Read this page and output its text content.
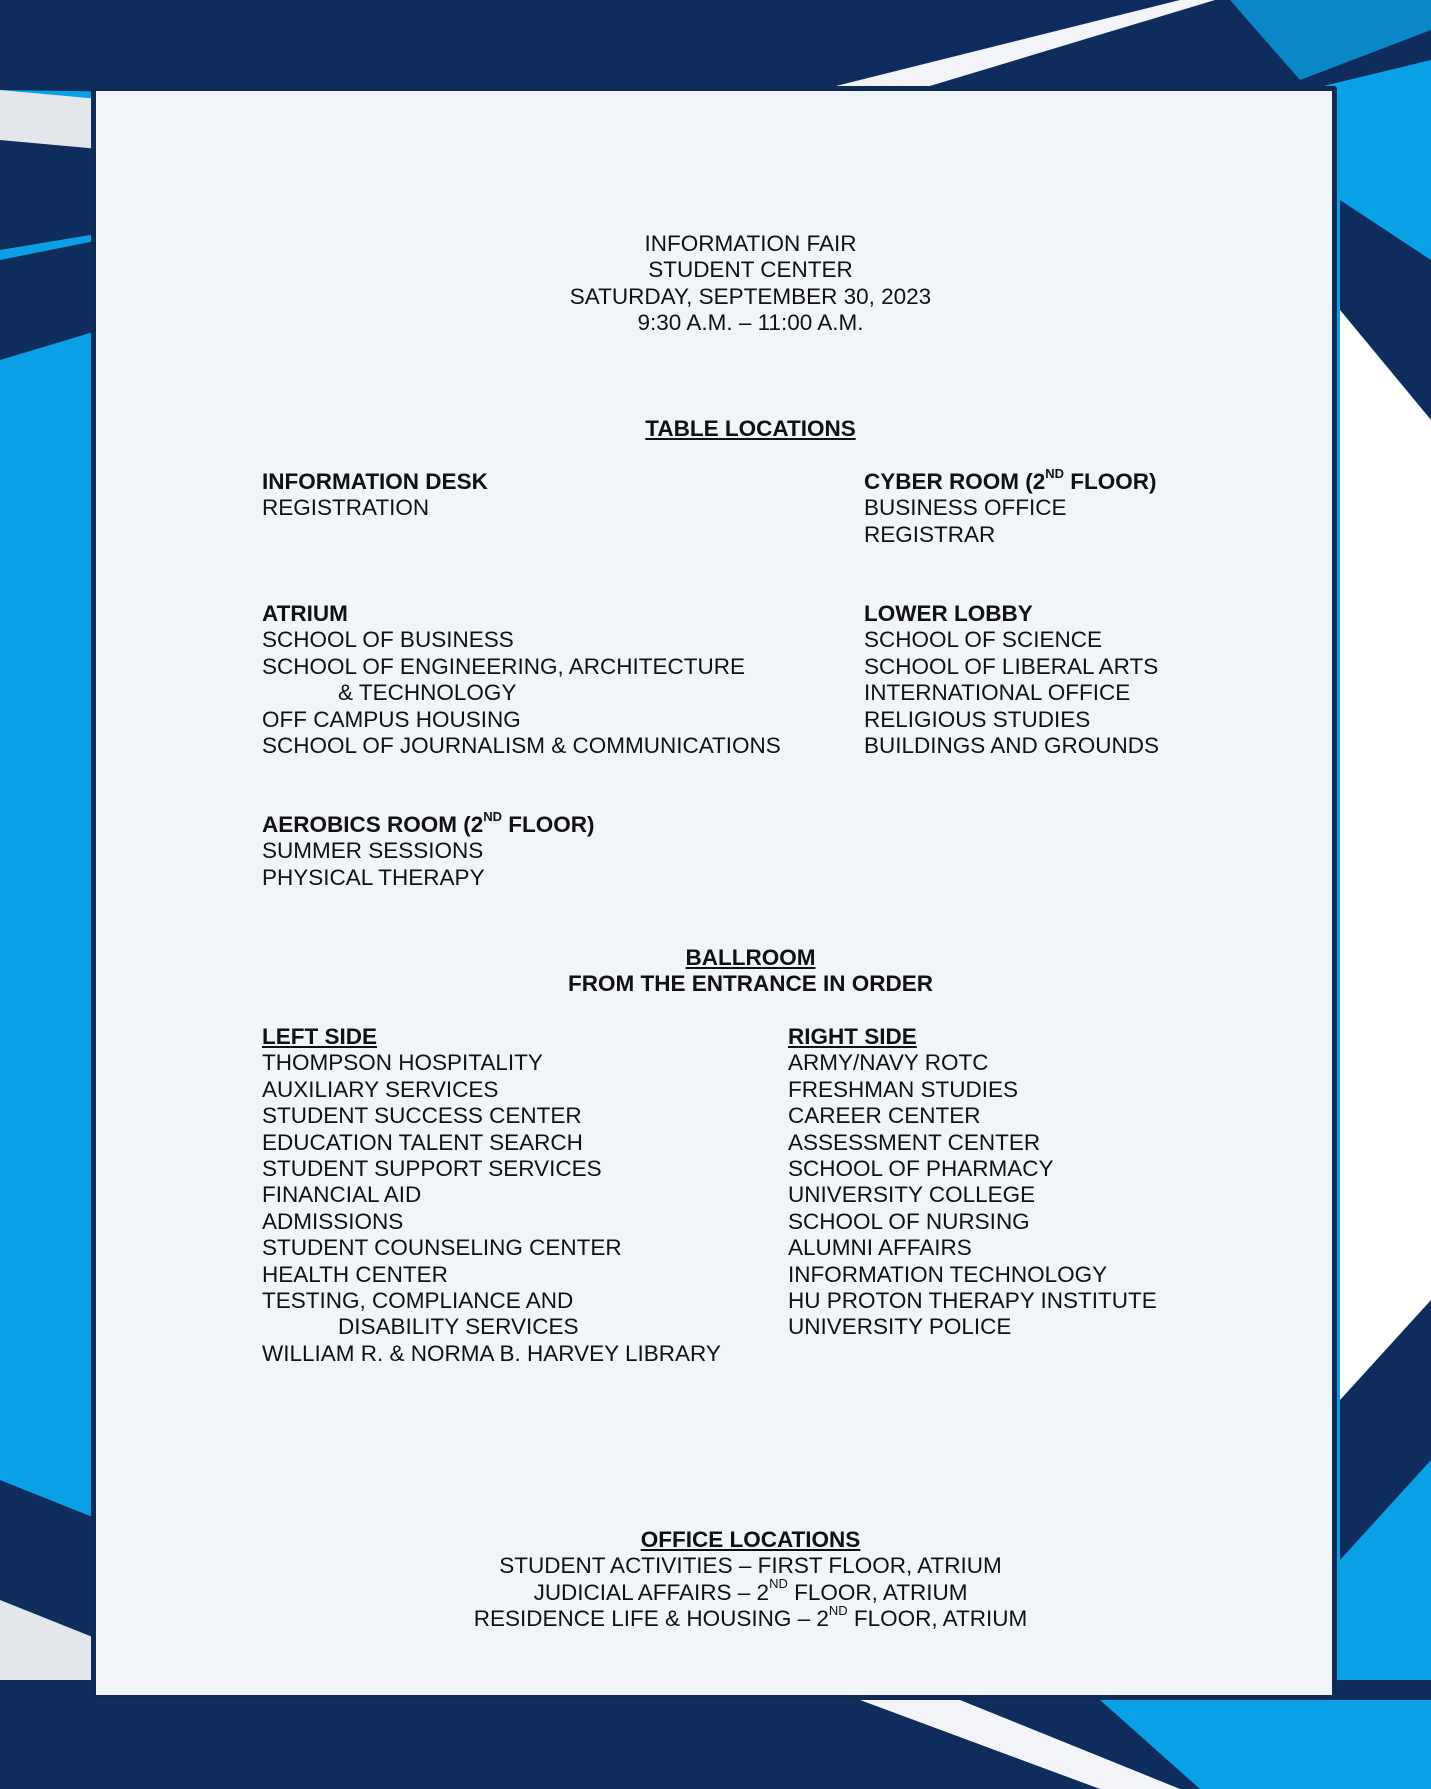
INFORMATION FAIR
STUDENT CENTER
SATURDAY, SEPTEMBER 30, 2023
9:30 A.M. – 11:00 A.M.
TABLE LOCATIONS
INFORMATION DESK
REGISTRATION
CYBER ROOM (2ND FLOOR)
BUSINESS OFFICE
REGISTRAR
ATRIUM
SCHOOL OF BUSINESS
SCHOOL OF ENGINEERING, ARCHITECTURE
& TECHNOLOGY
OFF CAMPUS HOUSING
SCHOOL OF JOURNALISM & COMMUNICATIONS
LOWER LOBBY
SCHOOL OF SCIENCE
SCHOOL OF LIBERAL ARTS
INTERNATIONAL OFFICE
RELIGIOUS STUDIES
BUILDINGS AND GROUNDS
AEROBICS ROOM (2ND FLOOR)
SUMMER SESSIONS
PHYSICAL THERAPY
BALLROOM
FROM THE ENTRANCE IN ORDER
LEFT SIDE
THOMPSON HOSPITALITY
AUXILIARY SERVICES
STUDENT SUCCESS CENTER
EDUCATION TALENT SEARCH
STUDENT SUPPORT SERVICES
FINANCIAL AID
ADMISSIONS
STUDENT COUNSELING CENTER
HEALTH CENTER
TESTING, COMPLIANCE AND
DISABILITY SERVICES
WILLIAM R. & NORMA B. HARVEY LIBRARY
RIGHT SIDE
ARMY/NAVY ROTC
FRESHMAN STUDIES
CAREER CENTER
ASSESSMENT CENTER
SCHOOL OF PHARMACY
UNIVERSITY COLLEGE
SCHOOL OF NURSING
ALUMNI AFFAIRS
INFORMATION TECHNOLOGY
HU PROTON THERAPY INSTITUTE
UNIVERSITY POLICE
OFFICE LOCATIONS
STUDENT ACTIVITIES – FIRST FLOOR, ATRIUM
JUDICIAL AFFAIRS – 2ND FLOOR, ATRIUM
RESIDENCE LIFE & HOUSING – 2ND FLOOR, ATRIUM
